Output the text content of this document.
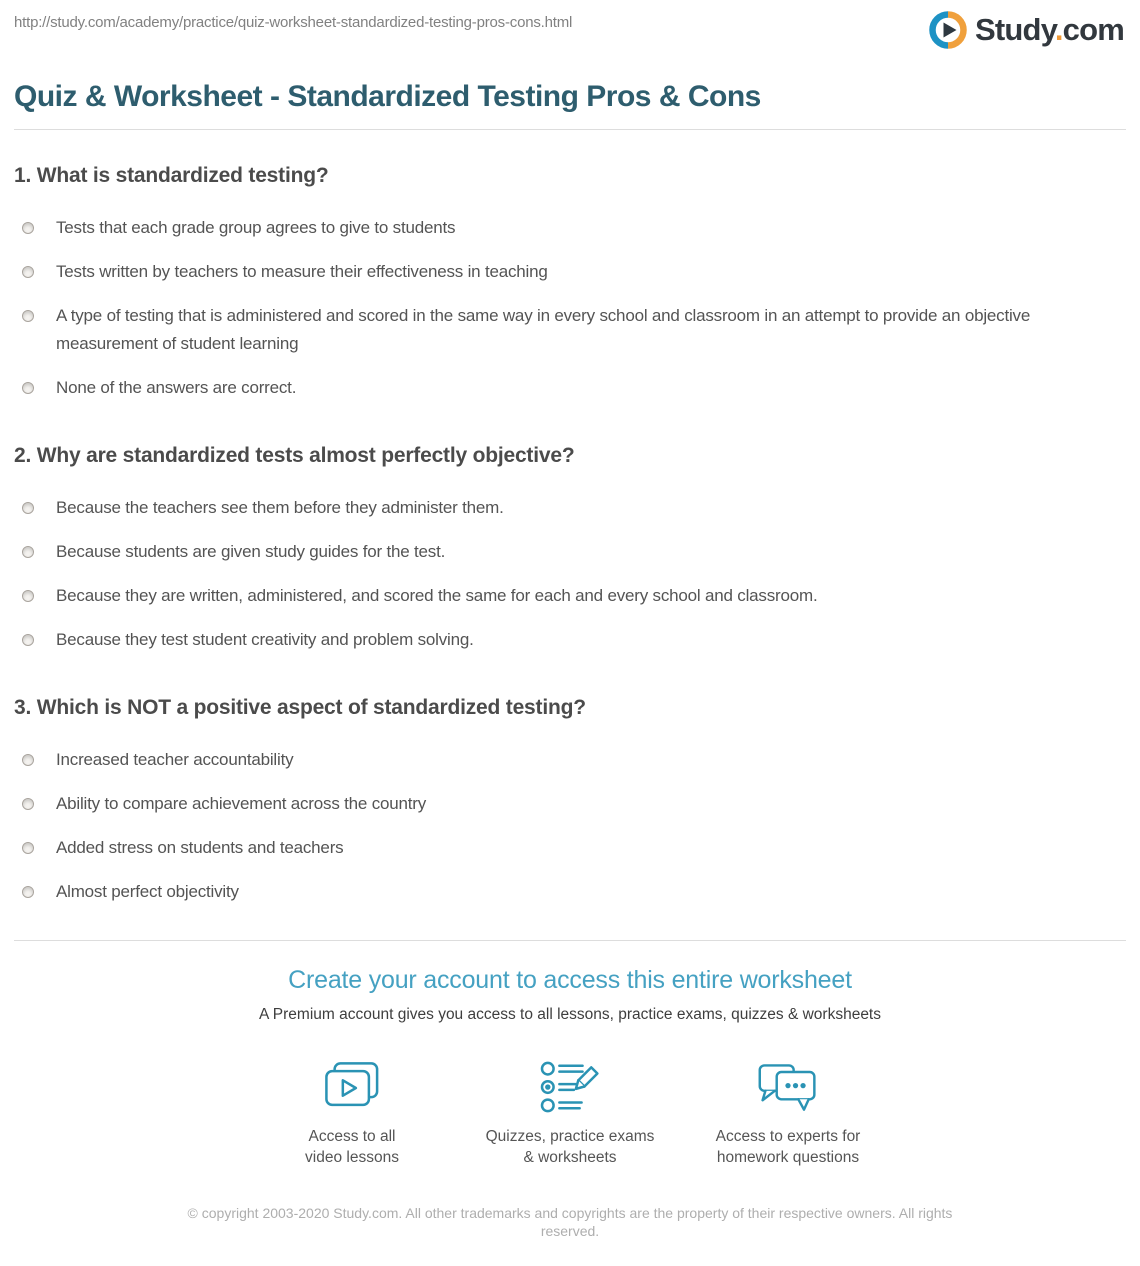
http://study.com/academy/practice/quiz-worksheet-standardized-testing-pros-cons.html	Study.com
Quiz & Worksheet - Standardized Testing Pros & Cons
1. What is standardized testing?
Tests that each grade group agrees to give to students
Tests written by teachers to measure their effectiveness in teaching
A type of testing that is administered and scored in the same way in every school and classroom in an attempt to provide an objective measurement of student learning
None of the answers are correct.
2. Why are standardized tests almost perfectly objective?
Because the teachers see them before they administer them.
Because students are given study guides for the test.
Because they are written, administered, and scored the same for each and every school and classroom.
Because they test student creativity and problem solving.
3. Which is NOT a positive aspect of standardized testing?
Increased teacher accountability
Ability to compare achievement across the country
Added stress on students and teachers
Almost perfect objectivity
Create your account to access this entire worksheet
A Premium account gives you access to all lessons, practice exams, quizzes & worksheets
Access to all
video lessons
Quizzes, practice exams
& worksheets
Access to experts for
homework questions
© copyright 2003-2020 Study.com. All other trademarks and copyrights are the property of their respective owners. All rights reserved.
